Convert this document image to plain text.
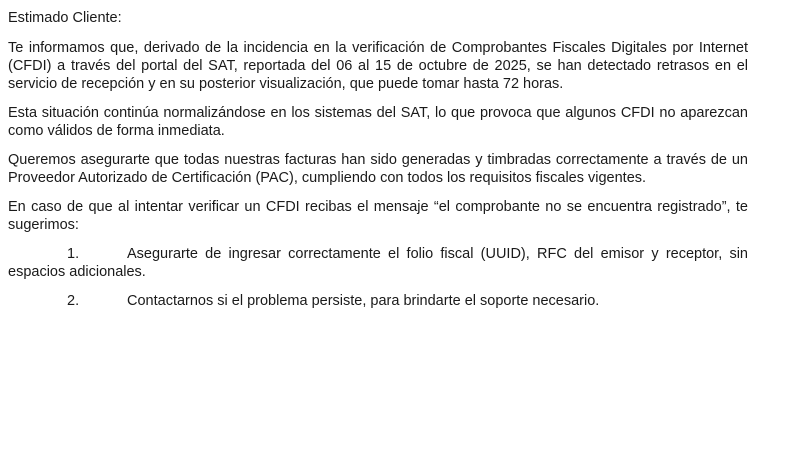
Estimado Cliente:

Te informamos que, derivado de la incidencia en la verificación de Comprobantes Fiscales Digitales por Internet (CFDI) a través del portal del SAT, reportada del 06 al 15 de octubre de 2025, se han detectado retrasos en el servicio de recepción y en su posterior visualización, que puede tomar hasta 72 horas.

Esta situación continúa normalizándose en los sistemas del SAT, lo que provoca que algunos CFDI no aparezcan como válidos de forma inmediata.

Queremos asegurarte que todas nuestras facturas han sido generadas y timbradas correctamente a través de un Proveedor Autorizado de Certificación (PAC), cumpliendo con todos los requisitos fiscales vigentes.

En caso de que al intentar verificar un CFDI recibas el mensaje “el comprobante no se encuentra registrado”, te sugerimos:

1.	Asegurarte de ingresar correctamente el folio fiscal (UUID), RFC del emisor y receptor, sin espacios adicionales.

2.	Contactarnos si el problema persiste, para brindarte el soporte necesario.
